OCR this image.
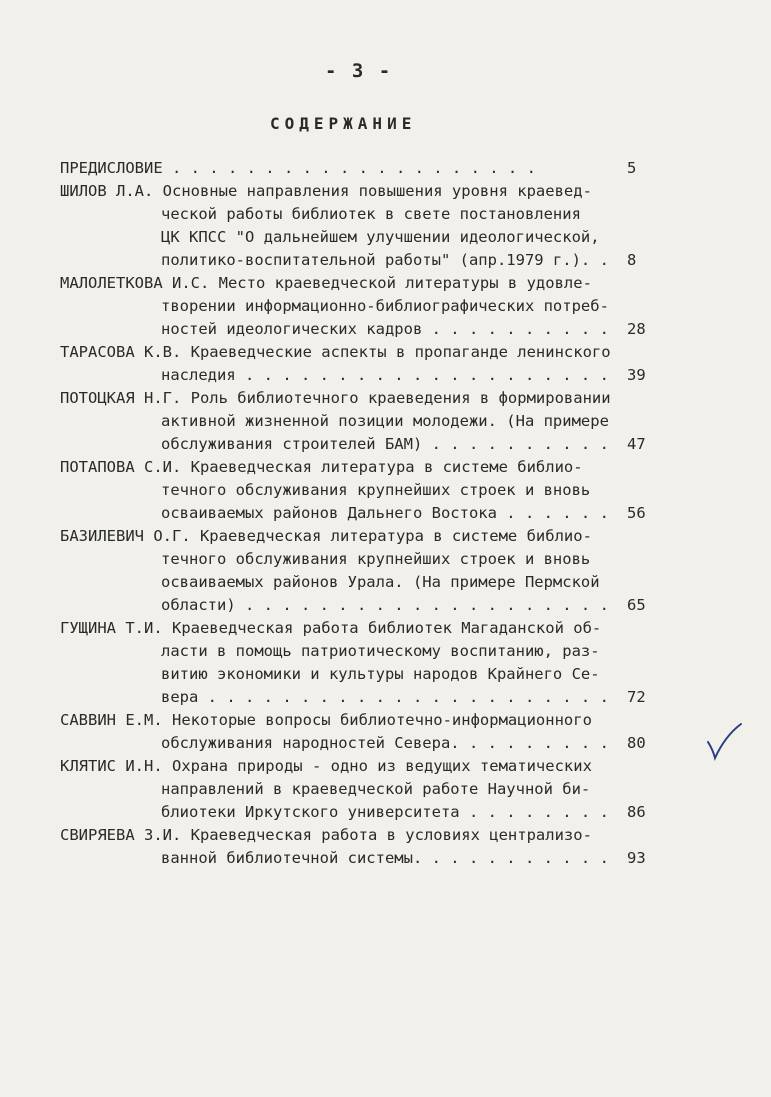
- 3 -
СОДЕРЖАНИЕ
ПРЕДИСЛОВИЕ . . . . . . . . . . . . . . . . . . . .	5
ШИЛОВ Л.А. Основные направления повышения уровня краевед-
ческой работы библиотек в свете постановления
ЦК КПСС "О дальнейшем улучшении идеологической,
политико-воспитательной работы" (апр.1979 г.). . 8
МАЛОЛЕТКОВА И.С. Место краеведческой литературы в удовле-
творении информационно-библиографических потреб-
ностей идеологических кадров . . . . . . . . . . 28
ТАРАСОВА К.В. Краеведческие аспекты в пропаганде ленинского
наследия . . . . . . . . . . . . . . . . . . . . 39
ПОТОЦКАЯ Н.Г. Роль библиотечного краеведения в формировании
активной жизненной позиции молодежи. (На примере
обслуживания строителей БАМ) . . . . . . . . . . 47
ПОТАПОВА С.И. Краеведческая литература в системе библио-
течного обслуживания крупнейших строек и вновь
осваиваемых районов Дальнего Востока . . . . . . 56
БАЗИЛЕВИЧ О.Г. Краеведческая литература в системе библио-
течного обслуживания крупнейших строек и вновь
осваиваемых районов Урала. (На примере Пермской
области) . . . . . . . . . . . . . . . . . . . . 65
ГУЩИНА Т.И. Краеведческая работа библиотек Магаданской об-
ласти в помощь патриотическому воспитанию, раз-
витию экономики и культуры народов Крайнего Се-
вера . . . . . . . . . . . . . . . . . . . . . . 72
САВВИН Е.М. Некоторые вопросы библиотечно-информационного
обслуживания народностей Севера. . . . . . . . . 80
КЛЯТИС И.Н. Охрана природы - одно из ведущих тематических
направлений в краеведческой работе Научной би-
блиотеки Иркутского университета . . . . . . . . 86
СВИРЯЕВА З.И. Краеведческая работа в условиях централизо-
ванной библиотечной системы. . . . . . . . . . . 93
